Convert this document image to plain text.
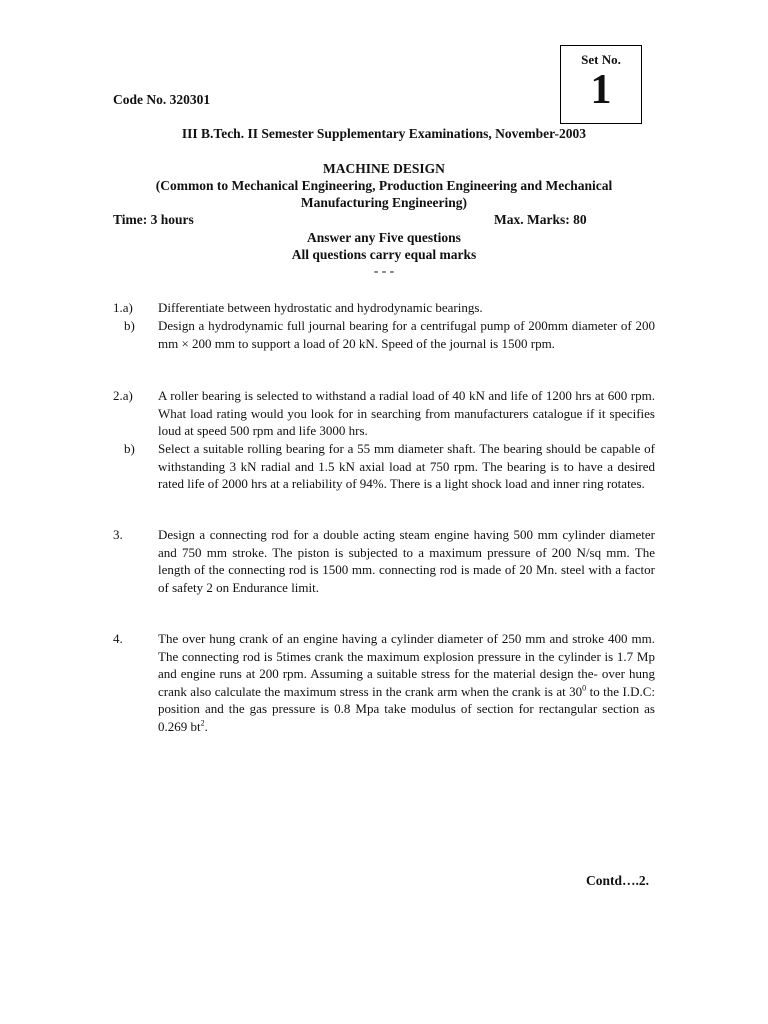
Set No.
1
Code No. 320301
III B.Tech. II Semester Supplementary Examinations, November-2003
MACHINE DESIGN
(Common to Mechanical Engineering, Production Engineering and Mechanical
Manufacturing Engineering)
Time: 3 hours	Max. Marks: 80
Answer any Five questions
All questions carry equal marks
- - -
1.a)	Differentiate between hydrostatic and hydrodynamic bearings.
b)	Design a hydrodynamic full journal bearing for a centrifugal pump of 200mm diameter of 200 mm × 200 mm to support a load of 20 kN. Speed of the journal is 1500 rpm.
2.a)	A roller bearing is selected to withstand a radial load of 40 kN and life of 1200 hrs at 600 rpm. What load rating would you look for in searching from manufacturers catalogue if it specifies loud at speed 500 rpm and life 3000 hrs.
b)	Select a suitable rolling bearing for a 55 mm diameter shaft. The bearing should be capable of withstanding 3 kN radial and 1.5 kN axial load at 750 rpm. The bearing is to have a desired rated life of 2000 hrs at a reliability of 94%. There is a light shock load and inner ring rotates.
3.	Design a connecting rod for a double acting steam engine having 500 mm cylinder diameter and 750 mm stroke. The piston is subjected to a maximum pressure of 200 N/sq mm. The length of the connecting rod is 1500 mm. connecting rod is made of 20 Mn. steel with a factor of safety 2 on Endurance limit.
4.	The over hung crank of an engine having a cylinder diameter of 250 mm and stroke 400 mm. The connecting rod is 5times crank the maximum explosion pressure in the cylinder is 1.7 Mp and engine runs at 200 rpm. Assuming a suitable stress for the material design the- over hung crank also calculate the maximum stress in the crank arm when the crank is at $30^0$ to the I.D.C: position and the gas pressure is 0.8 Mpa take modulus of section for rectangular section as 0.269 $bt^2$.
Contd….2.
